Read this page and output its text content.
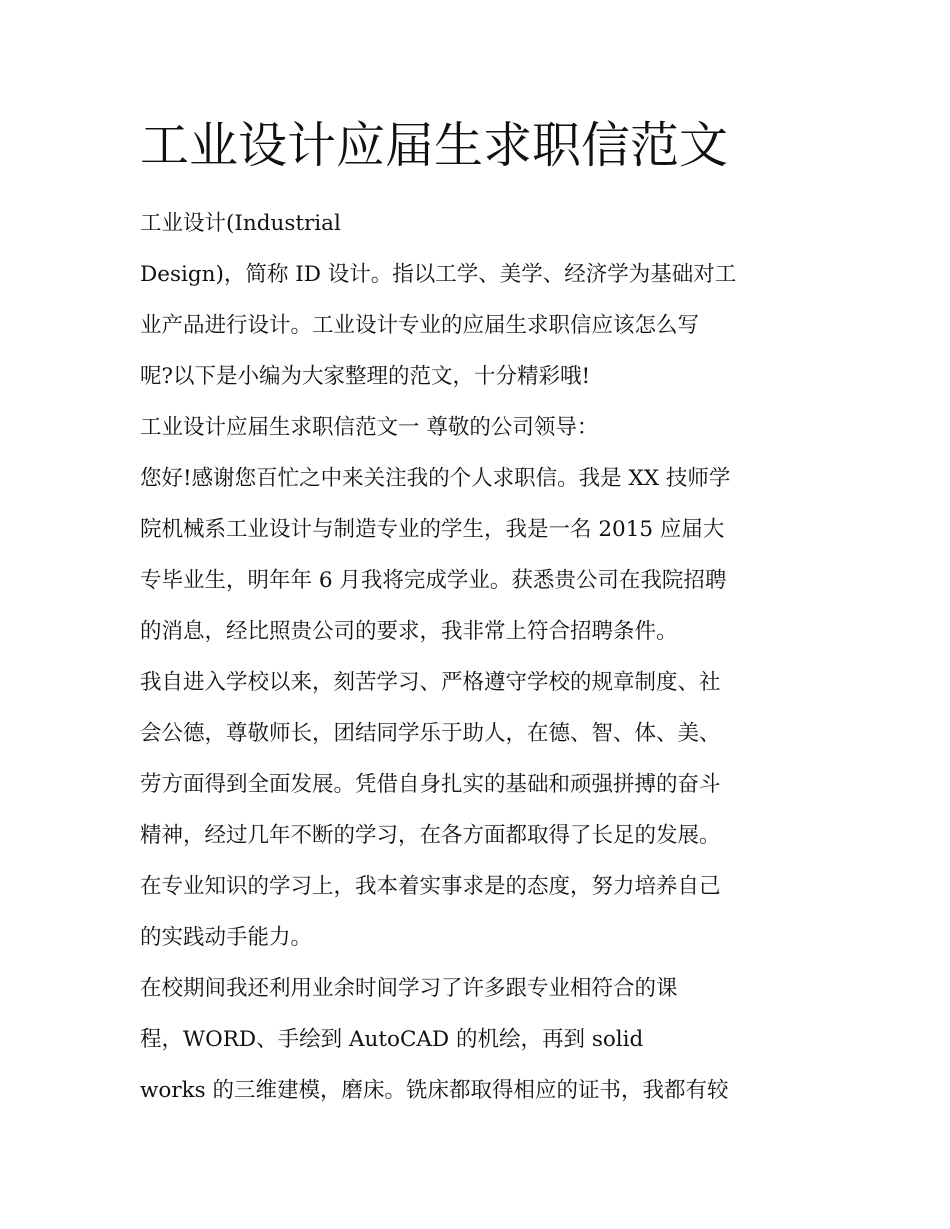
工业设计应届生求职信范文
工业设计(Industrial
Design)，简称 ID 设计。指以工学、美学、经济学为基础对工
业产品进行设计。工业设计专业的应届生求职信应该怎么写
呢?以下是小编为大家整理的范文，十分精彩哦!
工业设计应届生求职信范文一 尊敬的公司领导：
您好!感谢您百忙之中来关注我的个人求职信。我是 XX 技师学
院机械系工业设计与制造专业的学生，我是一名 2015 应届大
专毕业生，明年年 6 月我将完成学业。获悉贵公司在我院招聘
的消息，经比照贵公司的要求，我非常上符合招聘条件。
我自进入学校以来，刻苦学习、严格遵守学校的规章制度、社
会公德，尊敬师长，团结同学乐于助人，在德、智、体、美、
劳方面得到全面发展。凭借自身扎实的基础和顽强拼搏的奋斗
精神，经过几年不断的学习，在各方面都取得了长足的发展。
在专业知识的学习上，我本着实事求是的态度，努力培养自己
的实践动手能力。
在校期间我还利用业余时间学习了许多跟专业相符合的课
程，WORD、手绘到 AutoCAD 的机绘，再到 solid
works 的三维建模，磨床。铣床都取得相应的证书，我都有较
